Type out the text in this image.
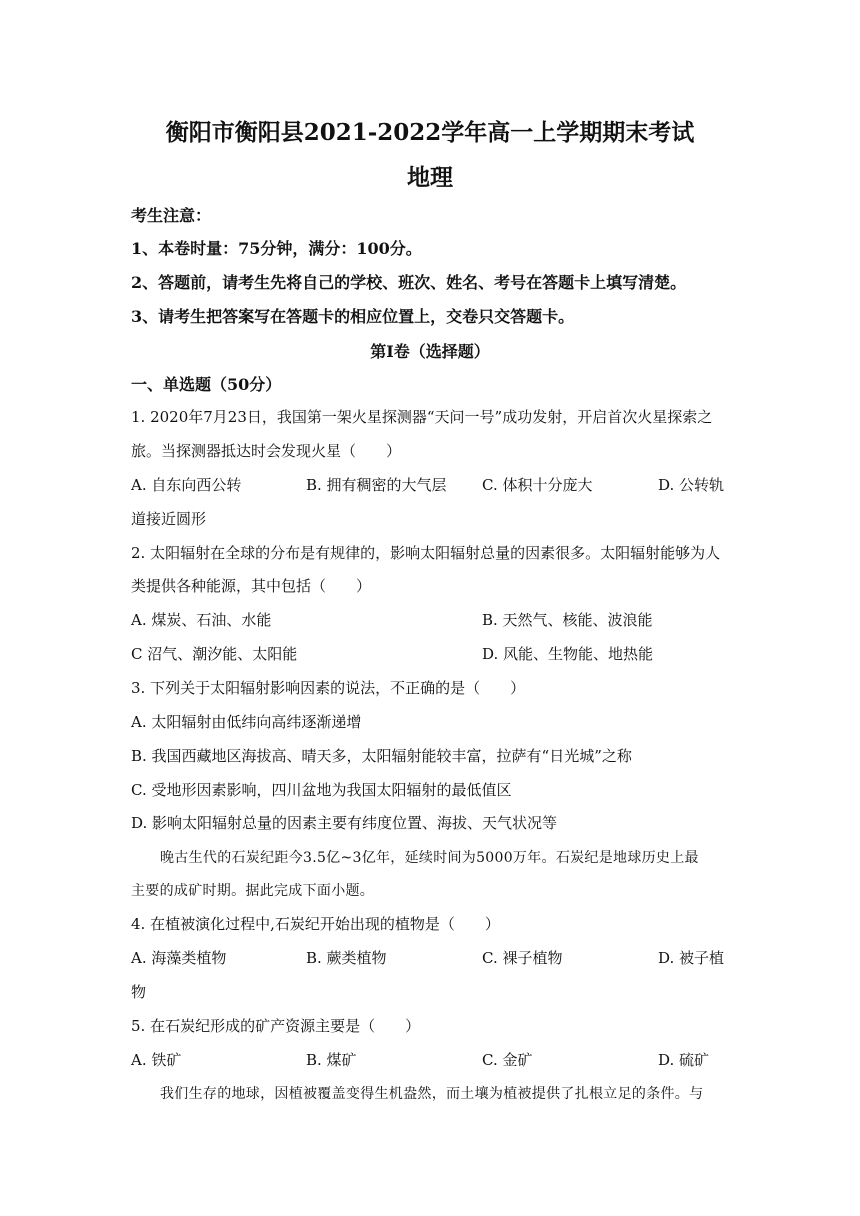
衡阳市衡阳县2021-2022学年高一上学期期末考试
地理
考生注意：
1、本卷时量：75分钟，满分：100分。
2、答题前，请考生先将自己的学校、班次、姓名、考号在答题卡上填写清楚。
3、请考生把答案写在答题卡的相应位置上，交卷只交答题卡。
第Ⅰ卷（选择题）
一、单选题（50分）
1. 2020年7月23日，我国第一架火星探测器“天问一号”成功发射，开启首次火星探索之
旅。当探测器抵达时会发现火星（　　）
A. 自东向西公转	B. 拥有稠密的大气层 C. 体积十分庞大	D. 公转轨
道接近圆形
2. 太阳辐射在全球的分布是有规律的，影响太阳辐射总量的因素很多。太阳辐射能够为人
类提供各种能源，其中包括（　　）
A. 煤炭、石油、水能	B. 天然气、核能、波浪能
C 沼气、潮汐能、太阳能	D. 风能、生物能、地热能
3. 下列关于太阳辐射影响因素的说法，不正确的是（　　）
A. 太阳辐射由低纬向高纬逐渐递增
B. 我国西藏地区海拔高、晴天多，太阳辐射能较丰富，拉萨有“日光城”之称
C. 受地形因素影响，四川盆地为我国太阳辐射的最低值区
D. 影响太阳辐射总量的因素主要有纬度位置、海拔、天气状况等
晚古生代的石炭纪距今3.5亿~3亿年，延续时间为5000万年。石炭纪是地球历史上最
主要的成矿时期。据此完成下面小题。
4. 在植被演化过程中,石炭纪开始出现的植物是（　　）
A. 海藻类植物	B. 蕨类植物	C. 裸子植物	D. 被子植
物
5. 在石炭纪形成的矿产资源主要是（　　）
A. 铁矿	B. 煤矿	C. 金矿	D. 硫矿
我们生存的地球，因植被覆盖变得生机盎然，而土壤为植被提供了扎根立足的条件。与
